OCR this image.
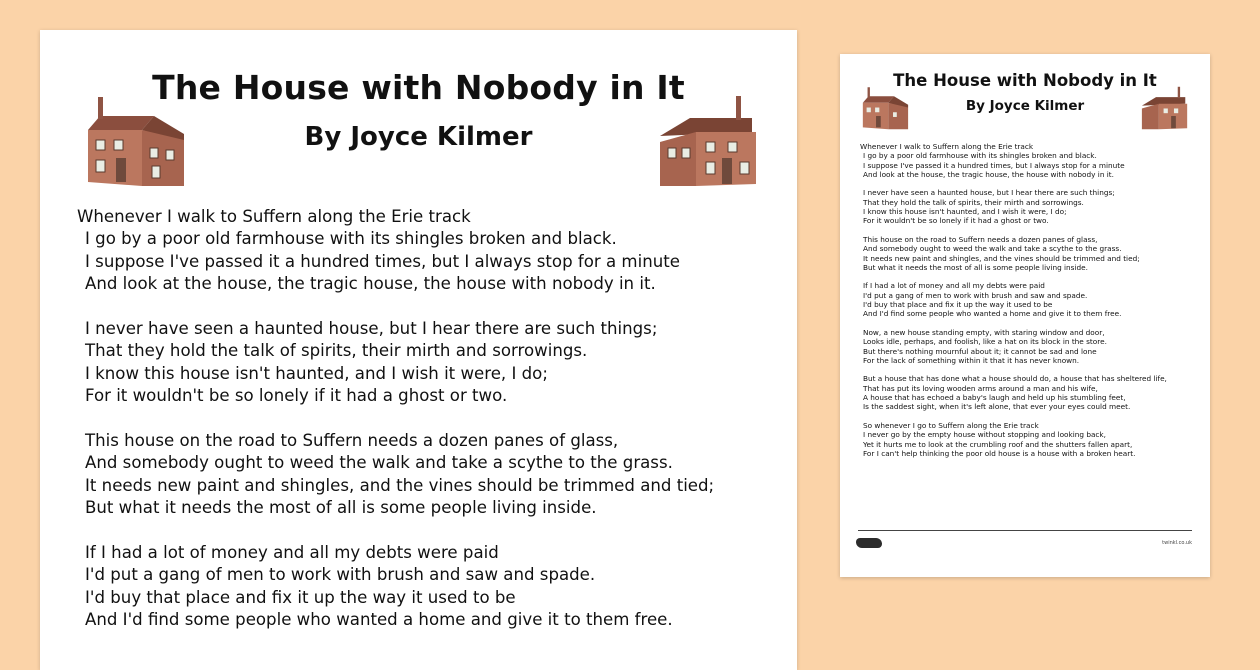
The House with Nobody in It
By Joyce Kilmer
Whenever I walk to Suffern along the Erie track
I go by a poor old farmhouse with its shingles broken and black.
I suppose I've passed it a hundred times, but I always stop for a minute
And look at the house, the tragic house, the house with nobody in it.
I never have seen a haunted house, but I hear there are such things;
That they hold the talk of spirits, their mirth and sorrowings.
I know this house isn't haunted, and I wish it were, I do;
For it wouldn't be so lonely if it had a ghost or two.
This house on the road to Suffern needs a dozen panes of glass,
And somebody ought to weed the walk and take a scythe to the grass.
It needs new paint and shingles, and the vines should be trimmed and tied;
But what it needs the most of all is some people living inside.
If I had a lot of money and all my debts were paid
I'd put a gang of men to work with brush and saw and spade.
I'd buy that place and fix it up the way it used to be
And I'd find some people who wanted a home and give it to them free.
The House with Nobody in It
By Joyce Kilmer
Whenever I walk to Suffern along the Erie track
I go by a poor old farmhouse with its shingles broken and black.
I suppose I've passed it a hundred times, but I always stop for a minute
And look at the house, the tragic house, the house with nobody in it.
I never have seen a haunted house, but I hear there are such things;
That they hold the talk of spirits, their mirth and sorrowings.
I know this house isn't haunted, and I wish it were, I do;
For it wouldn't be so lonely if it had a ghost or two.
This house on the road to Suffern needs a dozen panes of glass,
And somebody ought to weed the walk and take a scythe to the grass.
It needs new paint and shingles, and the vines should be trimmed and tied;
But what it needs the most of all is some people living inside.
If I had a lot of money and all my debts were paid
I'd put a gang of men to work with brush and saw and spade.
I'd buy that place and fix it up the way it used to be
And I'd find some people who wanted a home and give it to them free.
Now, a new house standing empty, with staring window and door,
Looks idle, perhaps, and foolish, like a hat on its block in the store.
But there's nothing mournful about it; it cannot be sad and lone
For the lack of something within it that it has never known.
But a house that has done what a house should do, a house that has sheltered life,
That has put its loving wooden arms around a man and his wife,
A house that has echoed a baby's laugh and held up his stumbling feet,
Is the saddest sight, when it's left alone, that ever your eyes could meet.
So whenever I go to Suffern along the Erie track
I never go by the empty house without stopping and looking back,
Yet it hurts me to look at the crumbling roof and the shutters fallen apart,
For I can't help thinking the poor old house is a house with a broken heart.
twinkl.co.uk
